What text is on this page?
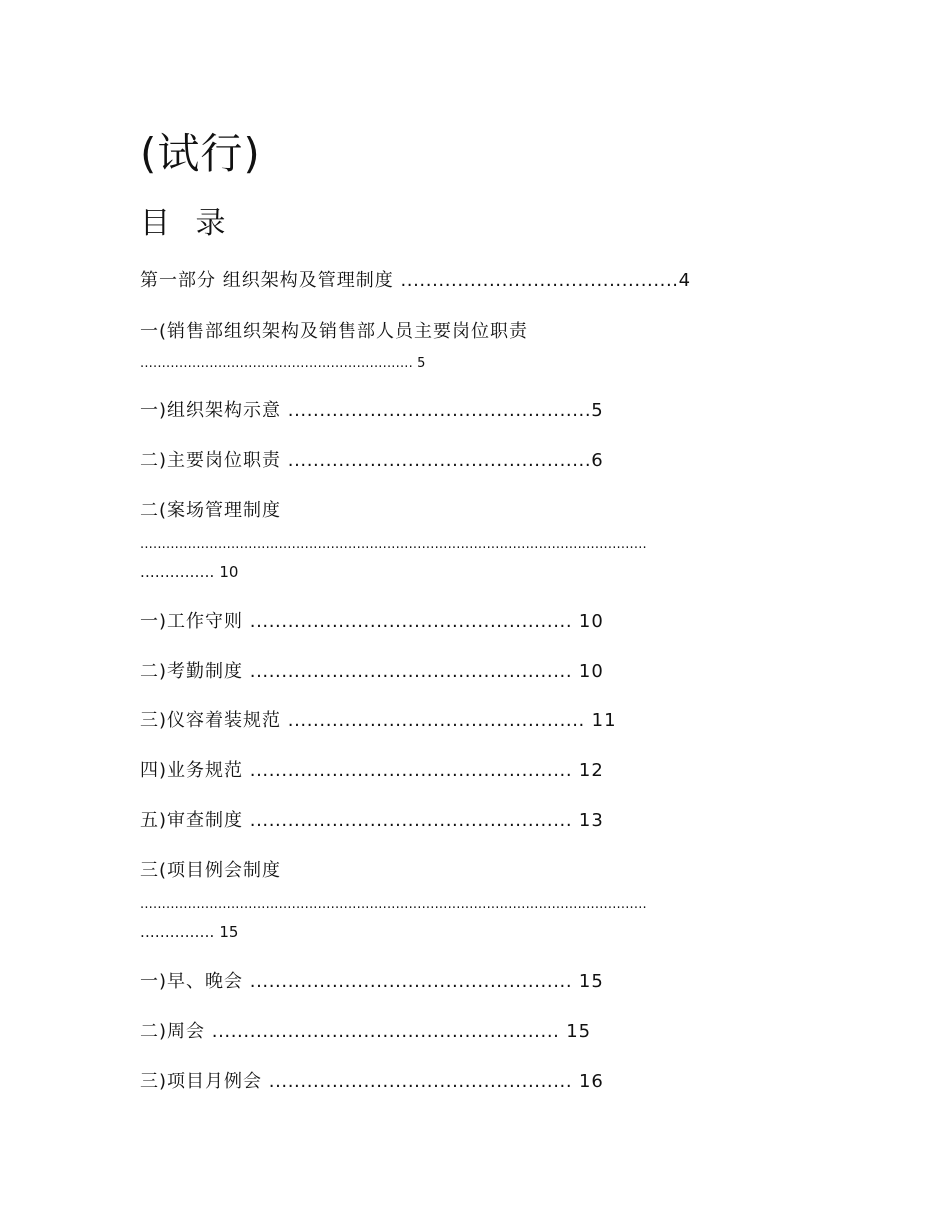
(试行)
目 录
第一部分 组织架构及管理制度 ............................................4
一(销售部组织架构及销售部人员主要岗位职责
............................................................... 5
一)组织架构示意 ................................................5
二)主要岗位职责 ................................................6
二(案场管理制度
.....................................................................................................................
............... 10
一)工作守则 ................................................... 10
二)考勤制度 ................................................... 10
三)仪容着装规范 ............................................... 11
四)业务规范 ................................................... 12
五)审查制度 ................................................... 13
三(项目例会制度
.....................................................................................................................
............... 15
一)早、晚会 ................................................... 15
二)周会 ....................................................... 15
三)项目月例会 ................................................ 16
